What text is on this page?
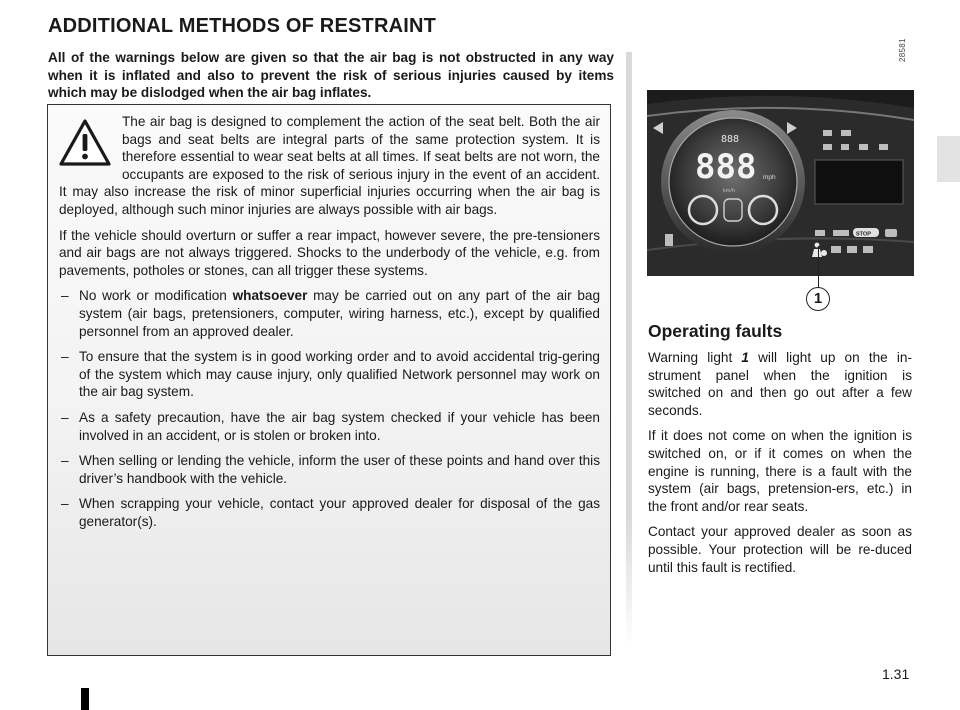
ADDITIONAL METHODS OF RESTRAINT

All of the warnings below are given so that the air bag is not obstructed in any way when it is inflated and also to prevent the risk of serious injuries caused by items which may be dislodged when the air bag inflates.

The air bag is designed to complement the action of the seat belt. Both the air bags and seat belts are integral parts of the same protection system. It is therefore essential to wear seat belts at all times. If seat belts are not worn, the occupants are exposed to the risk of serious injury in the event of an accident. It may also increase the risk of minor superficial injuries occurring when the air bag is deployed, although such minor injuries are always possible with air bags.

If the vehicle should overturn or suffer a rear impact, however severe, the pre-tensioners and air bags are not always triggered. Shocks to the underbody of the vehicle, e.g. from pavements, potholes or stones, can all trigger these systems.

– No work or modification whatsoever may be carried out on any part of the air bag system (air bags, pretensioners, computer, wiring harness, etc.), except by qualified personnel from an approved dealer.
– To ensure that the system is in good working order and to avoid accidental trig-gering of the system which may cause injury, only qualified Network personnel may work on the air bag system.
– As a safety precaution, have the air bag system checked if your vehicle has been involved in an accident, or is stolen or broken into.
– When selling or lending the vehicle, inform the user of these points and hand over this driver’s handbook with the vehicle.
– When scrapping your vehicle, contact your approved dealer for disposal of the gas generator(s).
888
888 mph
km/h
STOP
28581
1
Operating faults

Warning light 1 will light up on the in-strument panel when the ignition is switched on and then go out after a few seconds.

If it does not come on when the ignition is switched on, or if it comes on when the engine is running, there is a fault with the system (air bags, pretension-ers, etc.) in the front and/or rear seats.

Contact your approved dealer as soon as possible. Your protection will be re-duced until this fault is rectified.

1.31
